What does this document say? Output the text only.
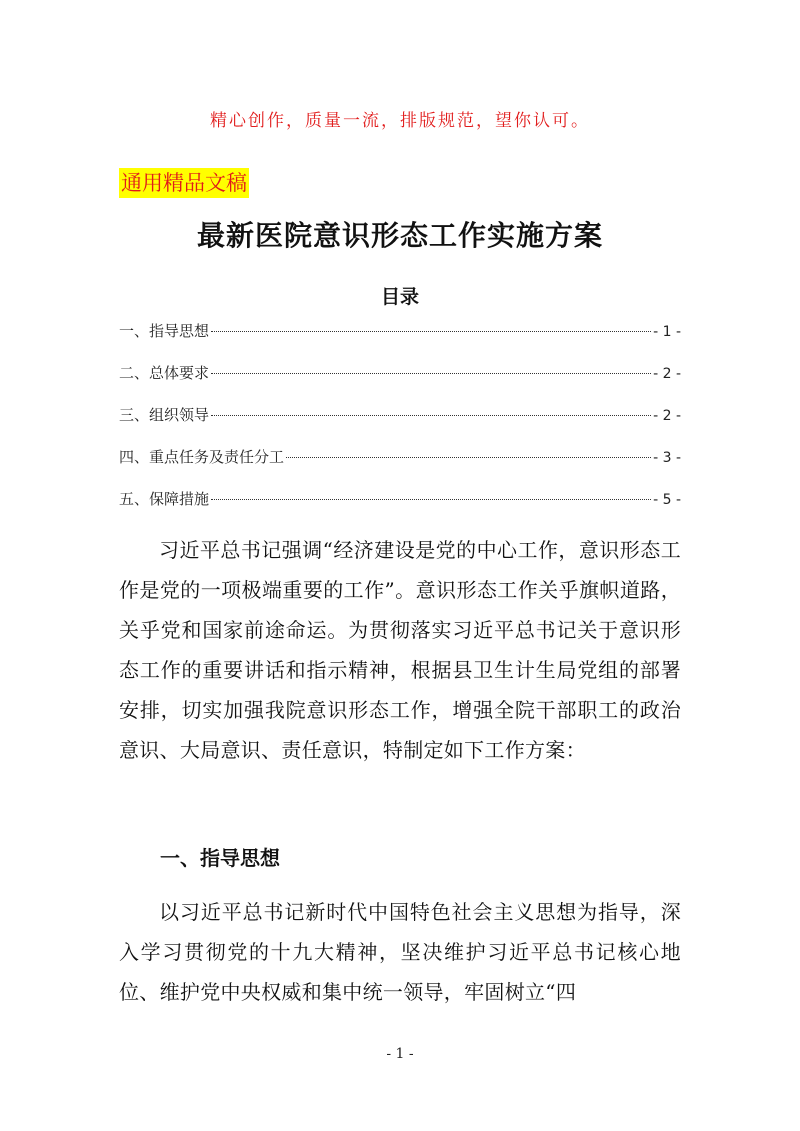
精心创作，质量一流，排版规范，望你认可。
通用精品文稿
最新医院意识形态工作实施方案
目录
一、指导思想	- 1 -
二、总体要求	- 2 -
三、组织领导	- 2 -
四、重点任务及责任分工	- 3 -
五、保障措施	- 5 -

习近平总书记强调“经济建设是党的中心工作，意识形态工作是党的一项极端重要的工作”。意识形态工作关乎旗帜道路，关乎党和国家前途命运。为贯彻落实习近平总书记关于意识形态工作的重要讲话和指示精神，根据县卫生计生局党组的部署安排，切实加强我院意识形态工作，增强全院干部职工的政治意识、大局意识、责任意识，特制定如下工作方案：

一、指导思想

以习近平总书记新时代中国特色社会主义思想为指导，深入学习贯彻党的十九大精神，坚决维护习近平总书记核心地位、维护党中央权威和集中统一领导，牢固树立“四

- 1 -
